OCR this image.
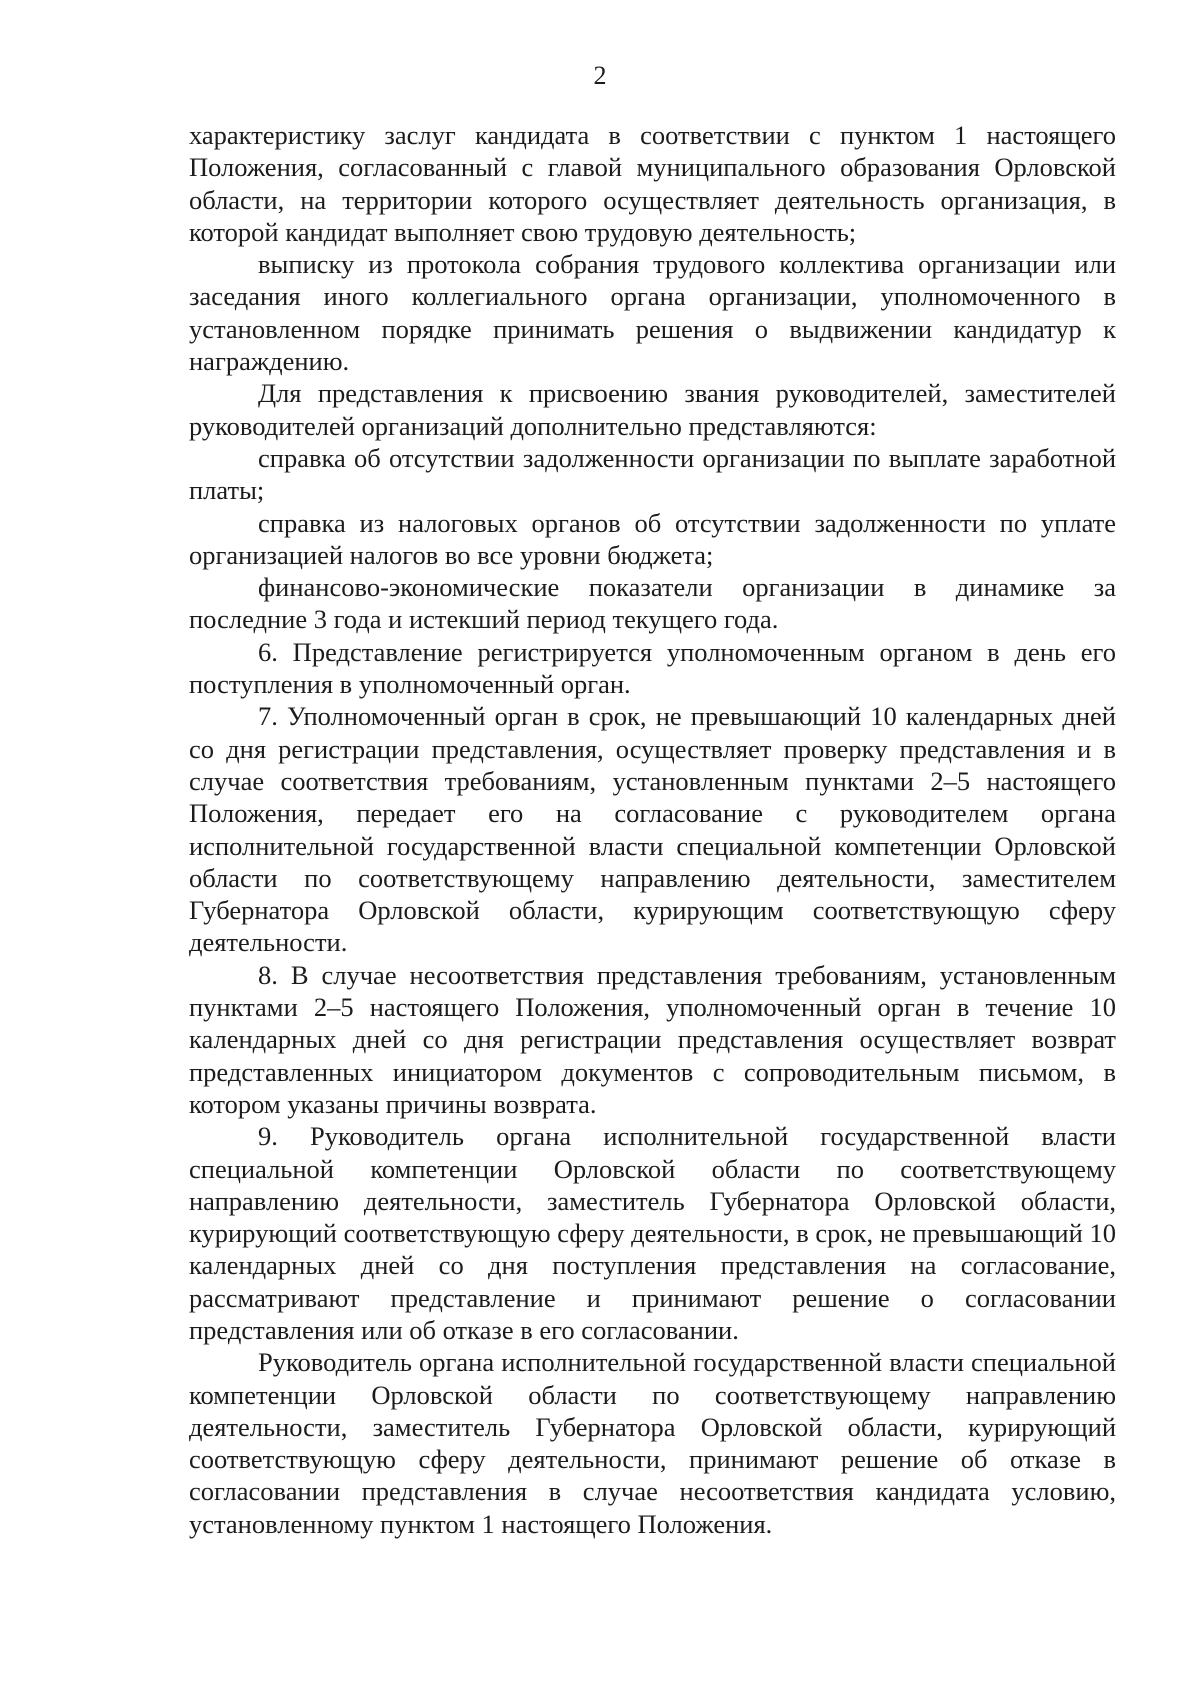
2

характеристику заслуг кандидата в соответствии с пунктом 1 настоящего Положения, согласованный с главой муниципального образования Орловской области, на территории которого осуществляет деятельность организация, в которой кандидат выполняет свою трудовую деятельность;

выписку из протокола собрания трудового коллектива организации или заседания иного коллегиального органа организации, уполномоченного в установленном порядке принимать решения о выдвижении кандидатур к награждению.

Для представления к присвоению звания руководителей, заместителей руководителей организаций дополнительно представляются:

справка об отсутствии задолженности организации по выплате заработной платы;

справка из налоговых органов об отсутствии задолженности по уплате организацией налогов во все уровни бюджета;

финансово-экономические показатели организации в динамике за последние 3 года и истекший период текущего года.

6. Представление регистрируется уполномоченным органом в день его поступления в уполномоченный орган.

7. Уполномоченный орган в срок, не превышающий 10 календарных дней со дня регистрации представления, осуществляет проверку представления и в случае соответствия требованиям, установленным пунктами 2–5 настоящего Положения, передает его на согласование с руководителем органа исполнительной государственной власти специальной компетенции Орловской области по соответствующему направлению деятельности, заместителем Губернатора Орловской области, курирующим соответствующую сферу деятельности.

8. В случае несоответствия представления требованиям, установленным пунктами 2–5 настоящего Положения, уполномоченный орган в течение 10 календарных дней со дня регистрации представления осуществляет возврат представленных инициатором документов с сопроводительным письмом, в котором указаны причины возврата.

9. Руководитель органа исполнительной государственной власти специальной компетенции Орловской области по соответствующему направлению деятельности, заместитель Губернатора Орловской области, курирующий соответствующую сферу деятельности, в срок, не превышающий 10 календарных дней со дня поступления представления на согласование, рассматривают представление и принимают решение о согласовании представления или об отказе в его согласовании.

Руководитель органа исполнительной государственной власти специальной компетенции Орловской области по соответствующему направлению деятельности, заместитель Губернатора Орловской области, курирующий соответствующую сферу деятельности, принимают решение об отказе в согласовании представления в случае несоответствия кандидата условию, установленному пунктом 1 настоящего Положения.
